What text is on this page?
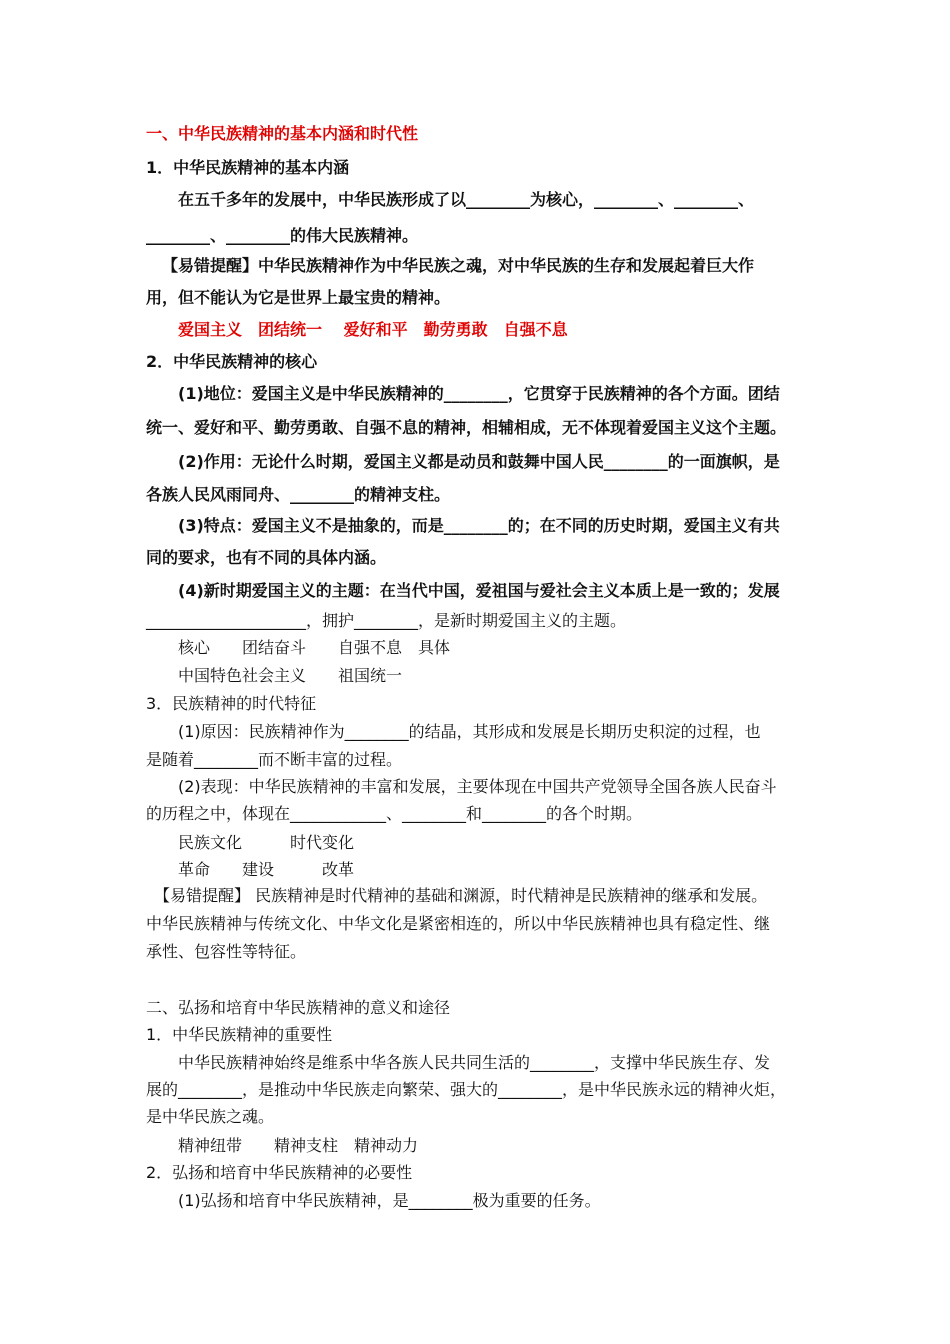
一、中华民族精神的基本内涵和时代性
1．中华民族精神的基本内涵
在五千多年的发展中，中华民族形成了以________为核心，________、________、
________、________的伟大民族精神。
【易错提醒】中华民族精神作为中华民族之魂，对中华民族的生存和发展起着巨大作
用，但不能认为它是世界上最宝贵的精神。
爱国主义　团结统一　 爱好和平　勤劳勇敢　自强不息
2．中华民族精神的核心
(1)地位：爱国主义是中华民族精神的________，它贯穿于民族精神的各个方面。团结
统一、爱好和平、勤劳勇敢、自强不息的精神，相辅相成，无不体现着爱国主义这个主题。
(2)作用：无论什么时期，爱国主义都是动员和鼓舞中国人民________的一面旗帜，是
各族人民风雨同舟、________的精神支柱。
(3)特点：爱国主义不是抽象的，而是________的；在不同的历史时期，爱国主义有共
同的要求，也有不同的具体内涵。
(4)新时期爱国主义的主题：在当代中国，爱祖国与爱社会主义本质上是一致的；发展
____________________，拥护________，是新时期爱国主义的主题。
核心　　团结奋斗　　自强不息　具体
中国特色社会主义　　祖国统一
3．民族精神的时代特征
(1)原因：民族精神作为________的结晶，其形成和发展是长期历史积淀的过程，也
是随着________而不断丰富的过程。
(2)表现：中华民族精神的丰富和发展，主要体现在中国共产党领导全国各族人民奋斗
的历程之中，体现在____________、________和________的各个时期。
民族文化　　　时代变化
革命　　建设　　　改革
【易错提醒】 民族精神是时代精神的基础和渊源，时代精神是民族精神的继承和发展。
中华民族精神与传统文化、中华文化是紧密相连的，所以中华民族精神也具有稳定性、继
承性、包容性等特征。
二、弘扬和培育中华民族精神的意义和途径
1．中华民族精神的重要性
中华民族精神始终是维系中华各族人民共同生活的________，支撑中华民族生存、发
展的________，是推动中华民族走向繁荣、强大的________，是中华民族永远的精神火炬，
是中华民族之魂。
精神纽带　　精神支柱　精神动力
2．弘扬和培育中华民族精神的必要性
(1)弘扬和培育中华民族精神，是________极为重要的任务。
